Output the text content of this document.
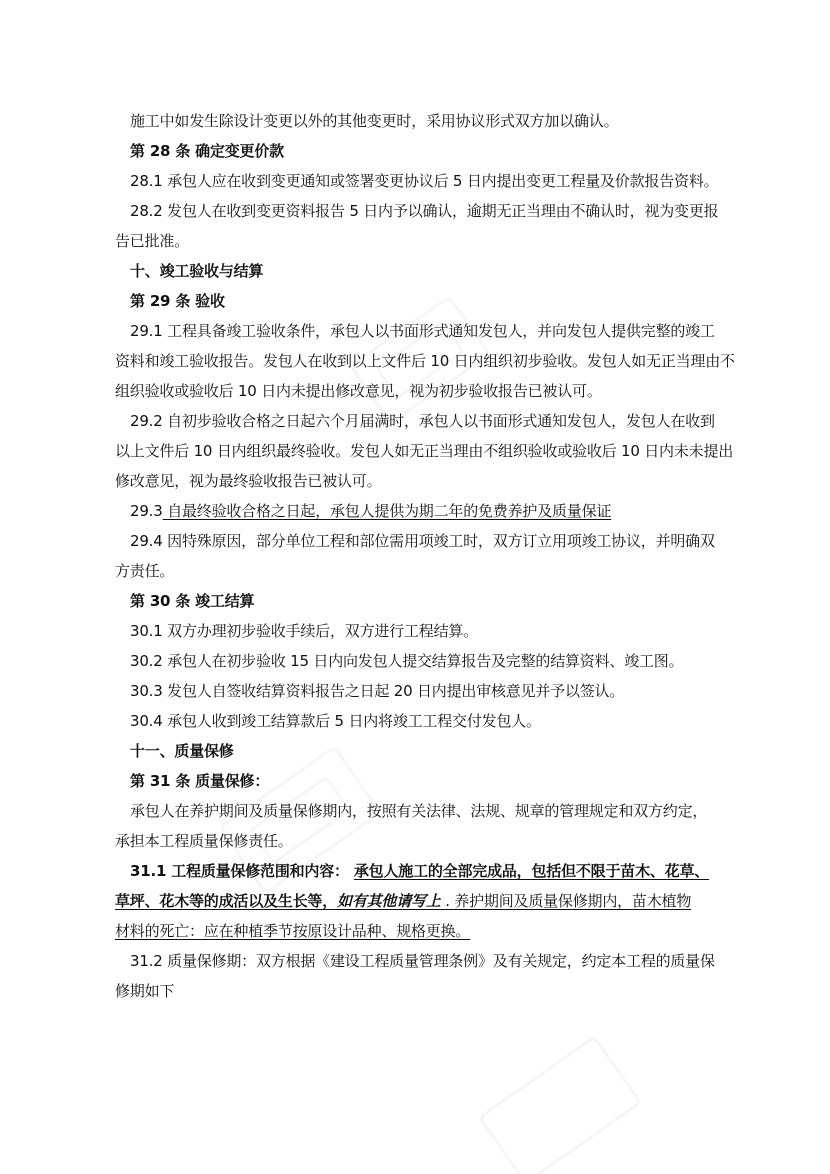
施工中如发生除设计变更以外的其他变更时，采用协议形式双方加以确认。
第 28 条 确定变更价款
28.1 承包人应在收到变更通知或签署变更协议后 5 日内提出变更工程量及价款报告资料。
28.2 发包人在收到变更资料报告 5 日内予以确认，逾期无正当理由不确认时，视为变更报
告已批准。
十、竣工验收与结算
第 29 条 验收
29.1 工程具备竣工验收条件，承包人以书面形式通知发包人，并向发包人提供完整的竣工
资料和竣工验收报告。发包人在收到以上文件后 10 日内组织初步验收。发包人如无正当理由不
组织验收或验收后 10 日内未提出修改意见，视为初步验收报告已被认可。
29.2 自初步验收合格之日起六个月届满时，承包人以书面形式通知发包人，发包人在收到
以上文件后 10 日内组织最终验收。发包人如无正当理由不组织验收或验收后 10 日内未未提出
修改意见，视为最终验收报告已被认可。
29.3 自最终验收合格之日起，承包人提供为期二年的免费养护及质量保证
29.4 因特殊原因，部分单位工程和部位需用项竣工时，双方订立用项竣工协议，并明确双
方责任。
第 30 条 竣工结算
30.1 双方办理初步验收手续后，双方进行工程结算。
30.2 承包人在初步验收 15 日内向发包人提交结算报告及完整的结算资料、竣工图。
30.3 发包人自签收结算资料报告之日起 20 日内提出审核意见并予以签认。
30.4 承包人收到竣工结算款后 5 日内将竣工工程交付发包人。
十一、质量保修
第 31 条 质量保修：
承包人在养护期间及质量保修期内，按照有关法律、法规、规章的管理规定和双方约定，
承担本工程质量保修责任。
31.1 工程质量保修范围和内容： 承包人施工的全部完成品，包括但不限于苗木、花草、
草坪、花木等的成活以及生长等，如有其他请写上 . 养护期间及质量保修期内，苗木植物
材料的死亡：应在种植季节按原设计品种、规格更换。
31.2 质量保修期：双方根据《建设工程质量管理条例》及有关规定，约定本工程的质量保
修期如下
